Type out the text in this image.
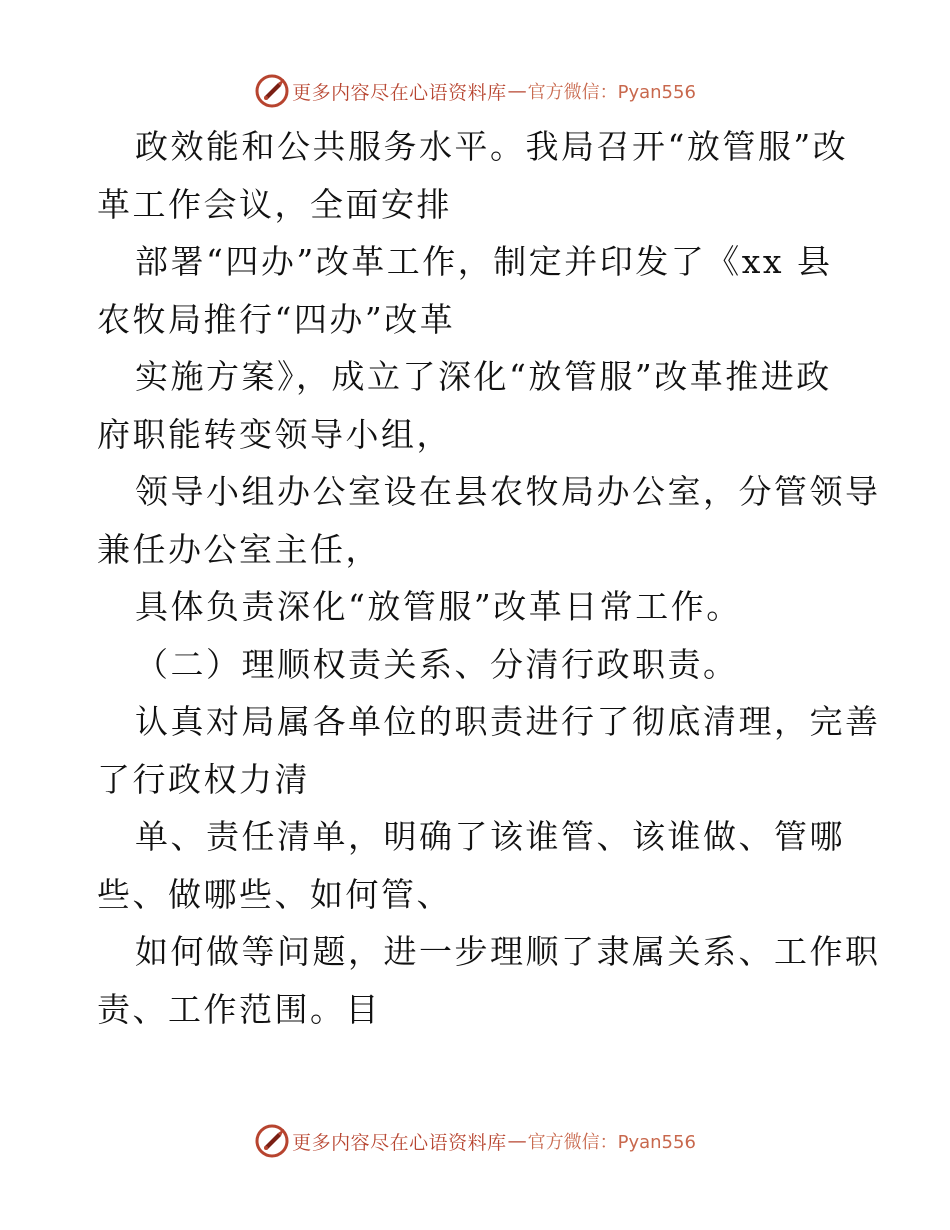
更多内容尽在心语资料库 — 官方微信：Pyan556
政效能和公共服务水平。我局召开“放管服”改
革工作会议，全面安排
部署“四办”改革工作，制定并印发了《xx 县
农牧局推行“四办”改革
实施方案》，成立了深化“放管服”改革推进政
府职能转变领导小组，
领导小组办公室设在县农牧局办公室，分管领导
兼任办公室主任，
具体负责深化“放管服”改革日常工作。
（二）理顺权责关系、分清行政职责。
认真对局属各单位的职责进行了彻底清理，完善
了行政权力清
单、责任清单，明确了该谁管、该谁做、管哪
些、做哪些、如何管、
如何做等问题，进一步理顺了隶属关系、工作职
责、工作范围。目
更多内容尽在心语资料库 — 官方微信：Pyan556
